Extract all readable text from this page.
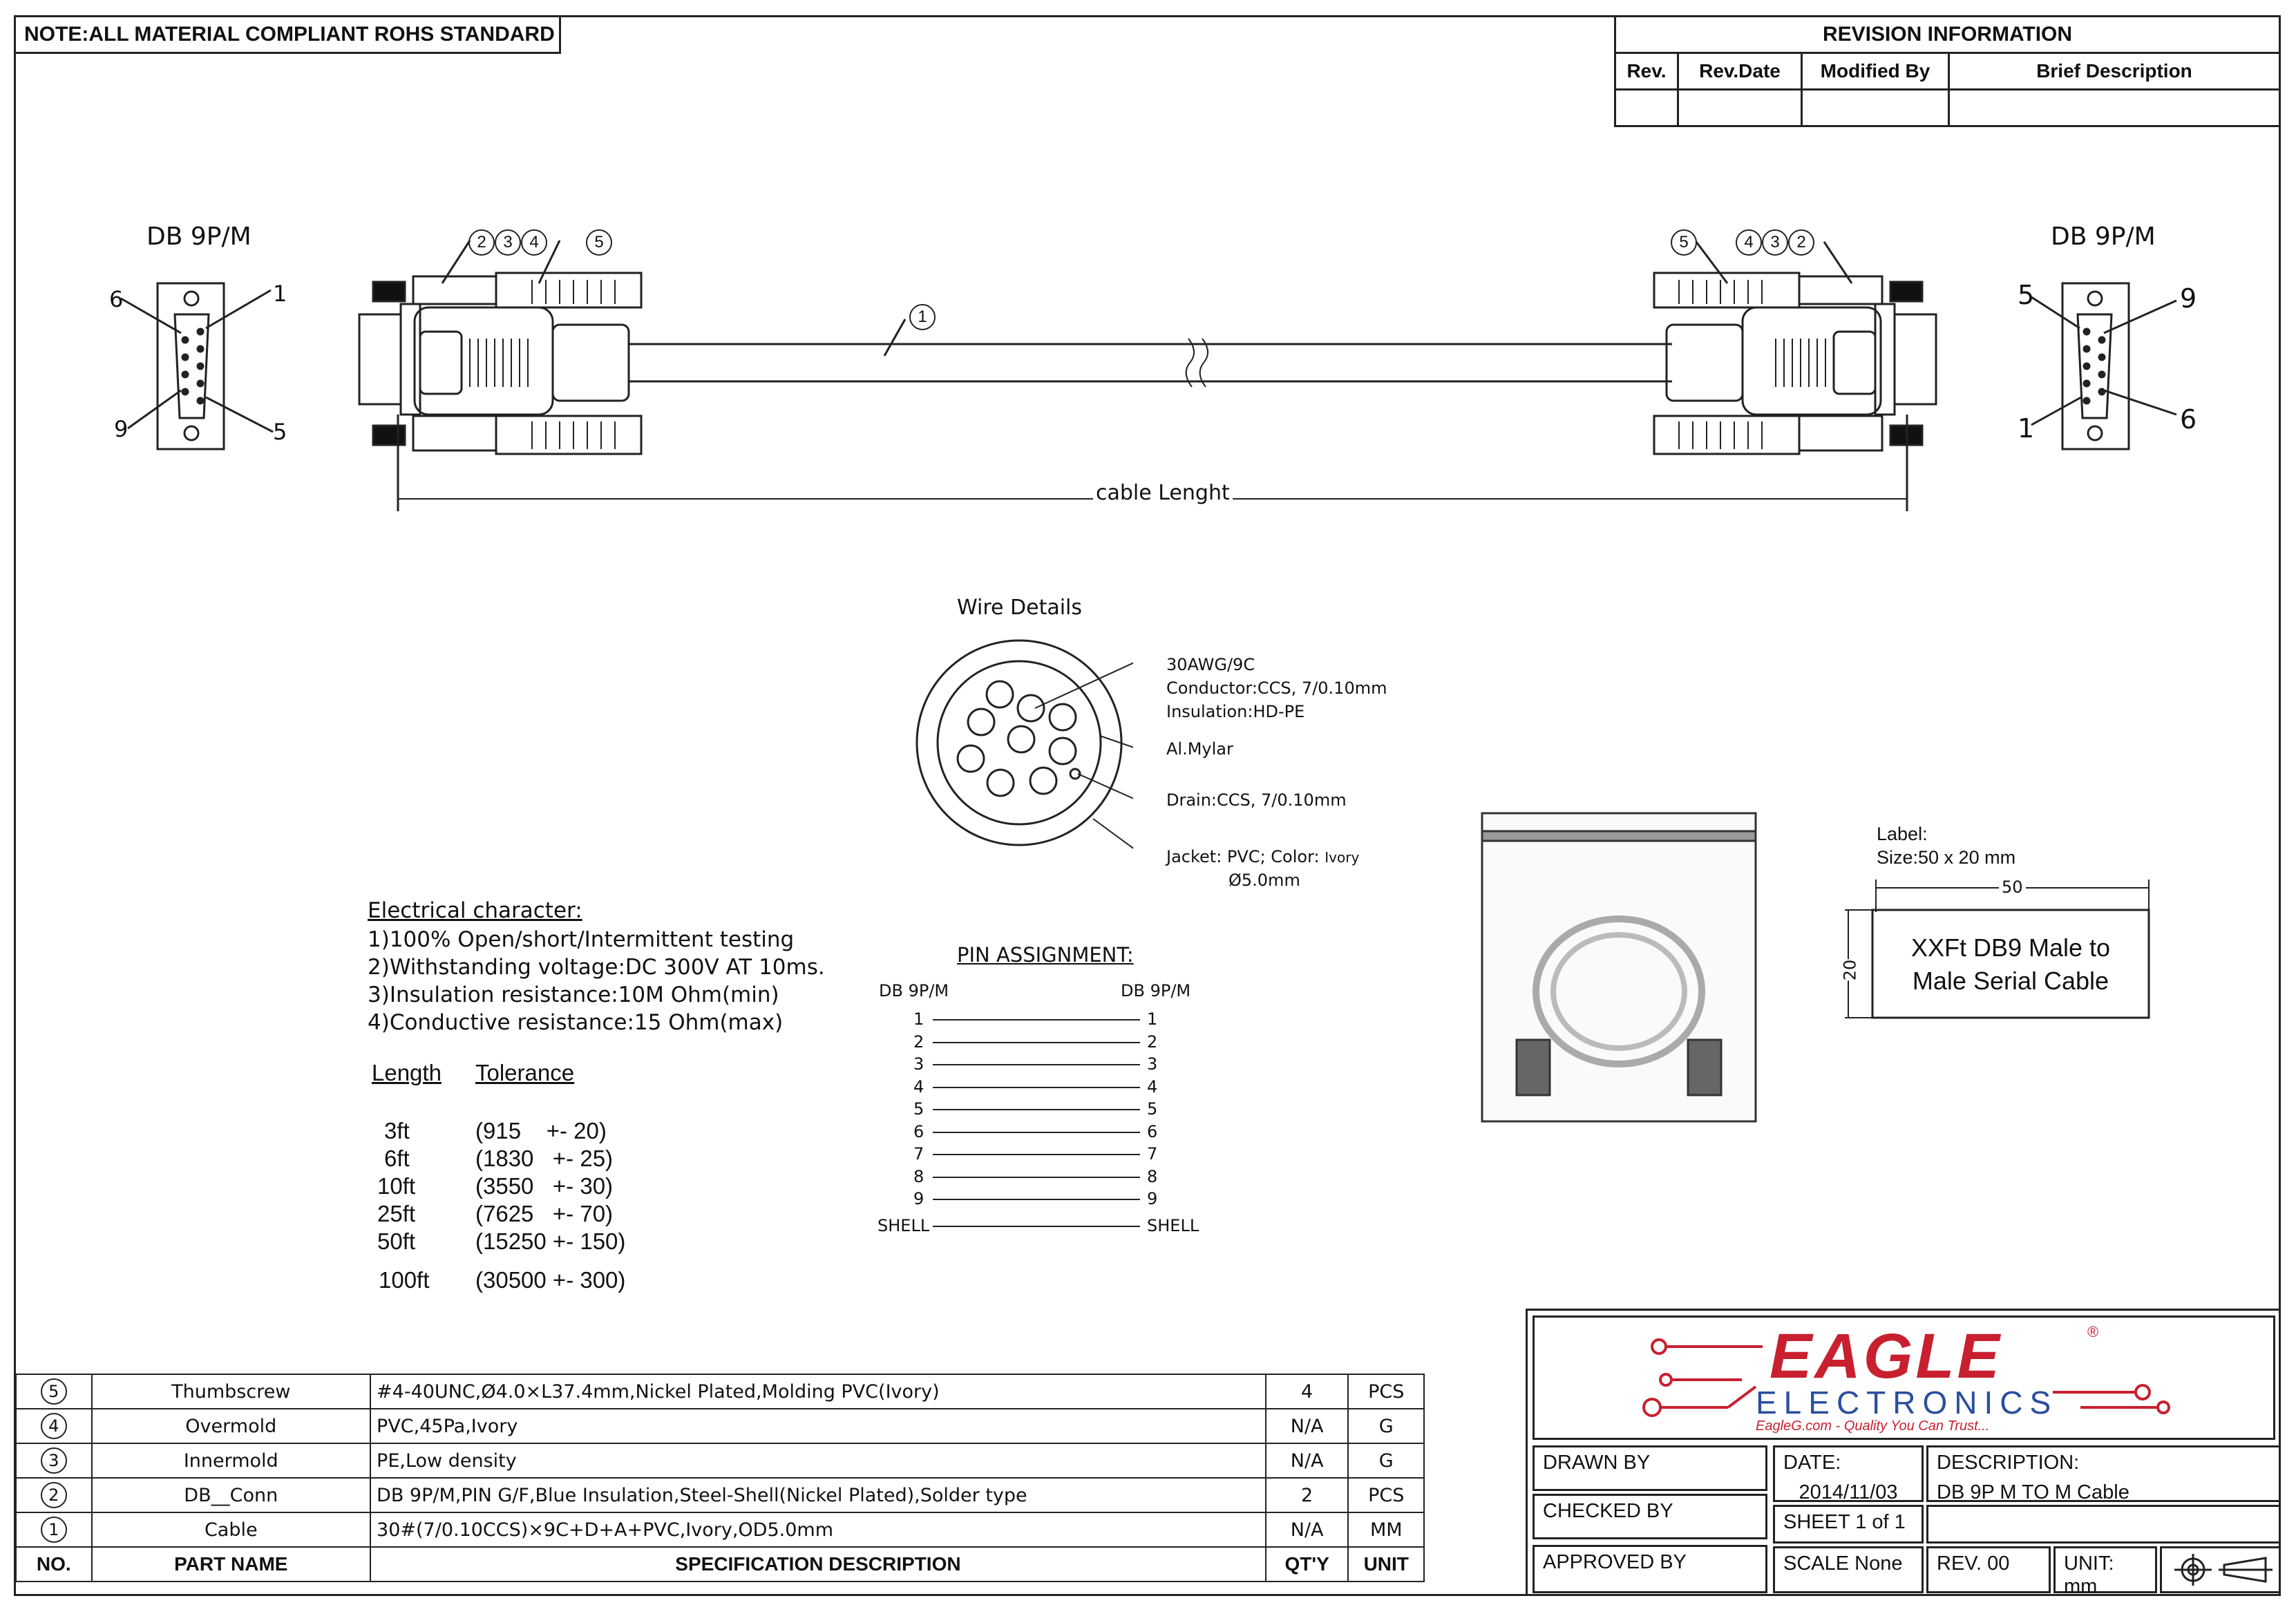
NOTE:ALL MATERIAL COMPLIANT ROHS STANDARD	REVISION INFORMATION			
Rev.	Rev.Date	Modified By	Brief Description

DB 9P/M	DB 9P/M
6	1
9	5
5	9
1	6
2 3 4	5
1
5	4 3 2
cable Lenght
Wire Details
30AWG/9C
Conductor:CCS, 7/0.10mm
Insulation:HD-PE
Al.Mylar
Drain:CCS, 7/0.10mm
Jacket: PVC; Color: Ivory
Ø5.0mm
Electrical character:
1)100% Open/short/Intermittent testing
2)Withstanding voltage:DC 300V AT 10ms.
3)Insulation resistance:10M Ohm(min)
4)Conductive resistance:15 Ohm(max)
Length Tolerance
3ft	(915    +- 20)
6ft	(1830   +- 25)
10ft	(3550   +- 30)
25ft	(7625   +- 70)
50ft	(15250 +- 150)
100ft (30500 +- 300)
PIN ASSIGNMENT:
DB 9P/M	DB 9P/M
1	1
2	2
3	3
4	4
5	5
6	6
7	7
8	8
9	9
SHELL	SHELL
Label:
Size:50 x 20 mm
50
20
XXFt DB9 Male to
Male Serial Cable
5	Thumbscrew	#4-40UNC,Ø4.0×L37.4mm,Nickel Plated,Molding PVC(Ivory)	4	PCS
4	Overmold	PVC,45Pa,Ivory	N/A	G
3	Innermold	PE,Low density	N/A	G
2	DB__Conn	DB 9P/M,PIN G/F,Blue Insulation,Steel-Shell(Nickel Plated),Solder type	2	PCS
1	Cable	30#(7/0.10CCS)×9C+D+A+PVC,Ivory,OD5.0mm	N/A	MM
NO.	PART NAME	SPECIFICATION DESCRIPTION	QT'Y	UNIT
EAGLE	®
ELECTRONICS
EagleG.com - Quality You Can Trust...
DRAWN BY
CHECKED BY
APPROVED BY
DATE:
2014/11/03
SHEET 1 of 1
SCALE None
DESCRIPTION:
DB 9P M TO M Cable
REV. 00	UNIT: mm
